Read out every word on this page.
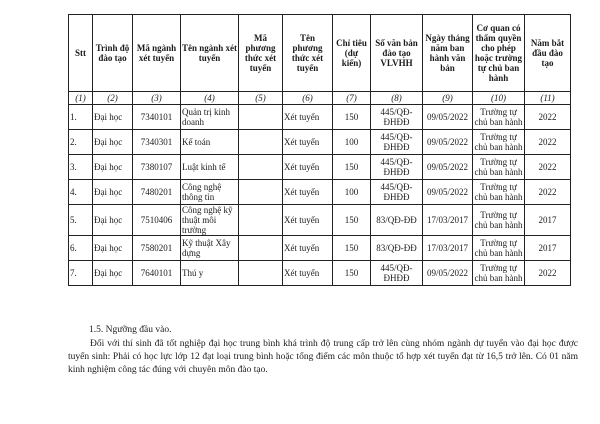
Stt	Trình độ đào tạo	Mã ngành xét tuyển	Tên ngành xét tuyển	Mã phương thức xét tuyển	Tên phương thức xét tuyển	Chỉ tiêu (dự kiến)	Số văn bản đào tạo VLVHH	Ngày tháng năm ban hành văn bản	Cơ quan có thẩm quyền cho phép hoặc trường tự chủ ban hành	Năm bắt đầu đào tạo
(1)	(2)	(3)	(4)	(5)	(6)	(7)	(8)	(9)	(10)	(11)
1.	Đại học	7340101	Quản trị kinh doanh		Xét tuyển	150	445/QĐ-ĐHĐĐ	09/05/2022	Trường tự chủ ban hành	2022
2.	Đại học	7340301	Kế toán		Xét tuyển	100	445/QĐ-ĐHĐĐ	09/05/2022	Trường tự chủ ban hành	2022
3.	Đại học	7380107	Luật kinh tế		Xét tuyển	150	445/QĐ-ĐHĐĐ	09/05/2022	Trường tự chủ ban hành	2022
4.	Đại học	7480201	Công nghệ thông tin		Xét tuyển	100	445/QĐ-ĐHĐĐ	09/05/2022	Trường tự chủ ban hành	2022
5.	Đại học	7510406	Công nghệ kỹ thuật môi trường		Xét tuyển	150	83/QĐ-ĐĐ	17/03/2017	Trường tự chủ ban hành	2017
6.	Đại học	7580201	Kỹ thuật Xây dựng		Xét tuyển	150	83/QĐ-ĐĐ	17/03/2017	Trường tự chủ ban hành	2017
7.	Đại học	7640101	Thú y		Xét tuyển	150	445/QĐ-ĐHĐĐ	09/05/2022	Trường tự chủ ban hành	2022
1.5. Ngưỡng đầu vào.
Đối với thí sinh đã tốt nghiệp đại học trung bình khá trình độ trung cấp trở lên cùng nhóm ngành dự tuyển vào đại học được tuyển sinh: Phải có học lực lớp 12 đạt loại trung bình hoặc tổng điểm các môn thuộc tổ hợp xét tuyển đạt từ 16,5 trở lên. Có 01 năm kinh nghiệm công tác đúng với chuyên môn đào tạo.
